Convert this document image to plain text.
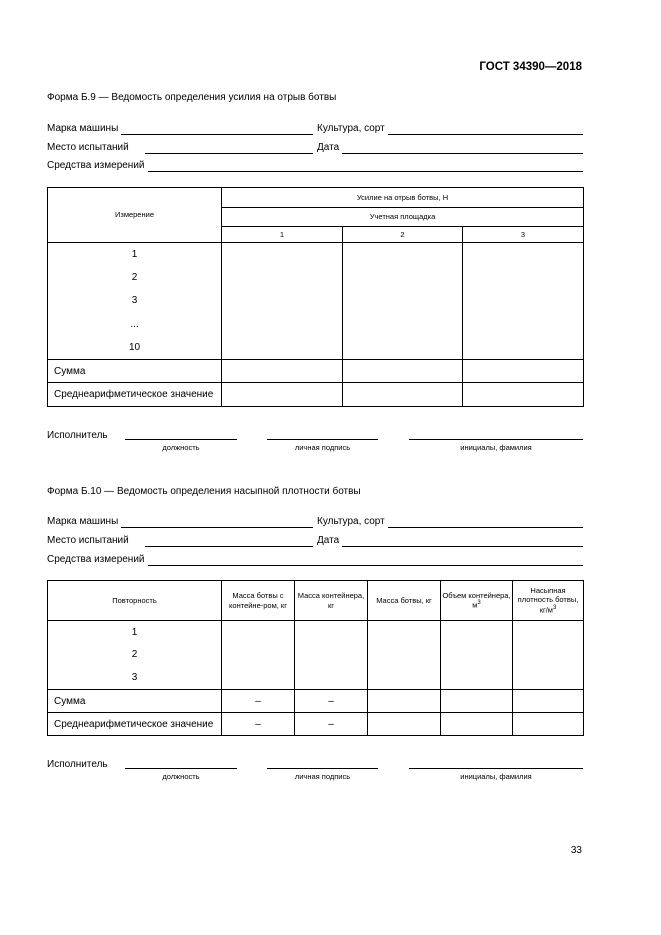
ГОСТ 34390—2018
Форма Б.9 — Ведомость определения усилия на отрыв ботвы
Марка машины	Культура, сорт
Место испытаний	Дата
Средства измерений
Измерение	Усилие на отрыв ботвы, Н		
	Учетная площадка		
	1	2	3

1
2
3
...
10			

Сумма			
Среднеарифметическое значение			
Исполнитель
должность	личная подпись	инициалы, фамилия
Форма Б.10 — Ведомость определения насыпной плотности ботвы
Марка машины	Культура, сорт
Место испытаний	Дата
Средства измерений
Повторность	Масса ботвы с контейне-ром, кг	Масса контейнера, кг	Масса ботвы, кг	Объем контейнера, $м^3$	Насыпная плотность ботвы, $кг/м^3$

1
2
3					

Сумма	–	–			
Среднеарифметическое значение	–	–			
Исполнитель
должность	личная подпись	инициалы, фамилия
33
